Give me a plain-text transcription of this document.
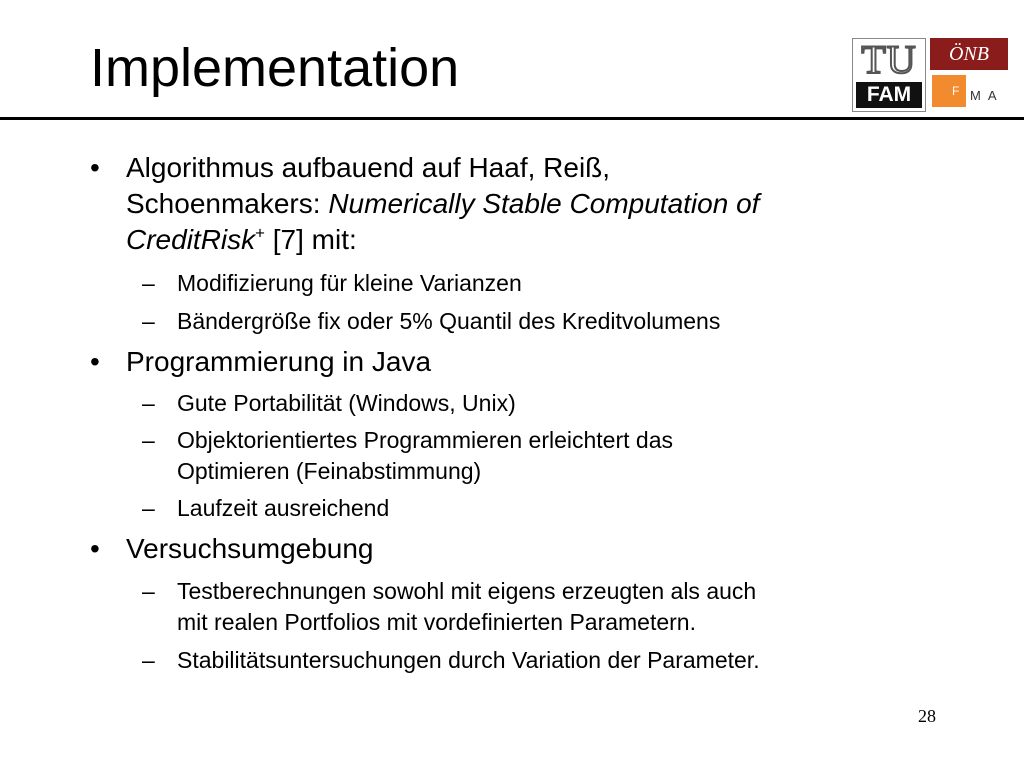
Implementation	TU
FAM
ÖNB
F MA
• Algorithmus aufbauend auf Haaf, Reiß,
Schoenmakers: Numerically Stable Computation of
CreditRisk+ [7] mit:
– Modifizierung für kleine Varianzen
– Bändergröße fix oder 5% Quantil des Kreditvolumens
• Programmierung in Java
– Gute Portabilität (Windows, Unix)
– Objektorientiertes Programmieren erleichtert das
Optimieren (Feinabstimmung)
– Laufzeit ausreichend
• Versuchsumgebung
– Testberechnungen sowohl mit eigens erzeugten als auch
mit realen Portfolios mit vordefinierten Parametern.
– Stabilitätsuntersuchungen durch Variation der Parameter.
28
